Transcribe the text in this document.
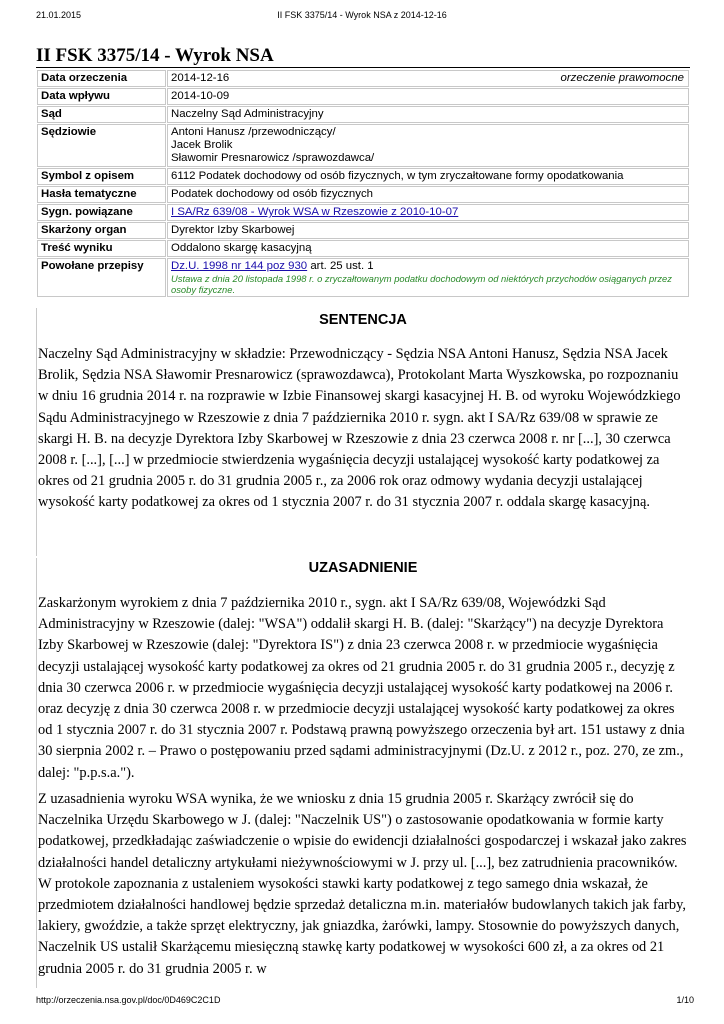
21.01.2015	II FSK 3375/14 - Wyrok NSA z 2014-12-16
II FSK 3375/14 - Wyrok NSA
Data orzeczenia	2014-12-16 orzeczenie prawomocne

Data wpływu	2014-10-09
Sąd	Naczelny Sąd Administracyjny
Sędziowie	Antoni Hanusz /przewodniczący/
Jacek Brolik
Sławomir Presnarowicz /sprawozdawca/

Symbol z opisem	6112 Podatek dochodowy od osób fizycznych, w tym zryczałtowane formy opodatkowania
Hasła tematyczne	Podatek dochodowy od osób fizycznych
Sygn. powiązane	I SA/Rz 639/08 - Wyrok WSA w Rzeszowie z 2010-10-07
Skarżony organ	Dyrektor Izby Skarbowej
Treść wyniku	Oddalono skargę kasacyjną
Powołane przepisy	Dz.U. 1998 nr 144 poz 930 art. 25 ust. 1
Ustawa z dnia 20 listopada 1998 r. o zryczałtowanym podatku dochodowym od niektórych przychodów osiąganych przez osoby fizyczne.
SENTENCJA

Naczelny Sąd Administracyjny w składzie: Przewodniczący - Sędzia NSA Antoni Hanusz, Sędzia NSA Jacek Brolik, Sędzia NSA Sławomir Presnarowicz (sprawozdawca), Protokolant Marta Wyszkowska, po rozpoznaniu w dniu 16 grudnia 2014 r. na rozprawie w Izbie Finansowej skargi kasacyjnej H. B. od wyroku Wojewódzkiego Sądu Administracyjnego w Rzeszowie z dnia 7 października 2010 r. sygn. akt I SA/Rz 639/08 w sprawie ze skargi H. B. na decyzje Dyrektora Izby Skarbowej w Rzeszowie z dnia 23 czerwca 2008 r. nr [...], 30 czerwca 2008 r. [...], [...] w przedmiocie stwierdzenia wygaśnięcia decyzji ustalającej wysokość karty podatkowej za okres od 21 grudnia 2005 r. do 31 grudnia 2005 r., za 2006 rok oraz odmowy wydania decyzji ustalającej wysokość karty podatkowej za okres od 1 stycznia 2007 r. do 31 stycznia 2007 r. oddala skargę kasacyjną.

UZASADNIENIE

Zaskarżonym wyrokiem z dnia 7 października 2010 r., sygn. akt I SA/Rz 639/08, Wojewódzki Sąd Administracyjny w Rzeszowie (dalej: "WSA") oddalił skargi H. B. (dalej: "Skarżący") na decyzje Dyrektora Izby Skarbowej w Rzeszowie (dalej: "Dyrektora IS") z dnia 23 czerwca 2008 r. w przedmiocie wygaśnięcia decyzji ustalającej wysokość karty podatkowej za okres od 21 grudnia 2005 r. do 31 grudnia 2005 r., decyzję z dnia 30 czerwca 2006 r. w przedmiocie wygaśnięcia decyzji ustalającej wysokość karty podatkowej na 2006 r. oraz decyzję z dnia 30 czerwca 2008 r. w przedmiocie decyzji ustalającej wysokość karty podatkowej za okres od 1 stycznia 2007 r. do 31 stycznia 2007 r. Podstawą prawną powyższego orzeczenia był art. 151 ustawy z dnia 30 sierpnia 2002 r. – Prawo o postępowaniu przed sądami administracyjnymi (Dz.U. z 2012 r., poz. 270, ze zm., dalej: "p.p.s.a.").

Z uzasadnienia wyroku WSA wynika, że we wniosku z dnia 15 grudnia 2005 r. Skarżący zwrócił się do Naczelnika Urzędu Skarbowego w J. (dalej: "Naczelnik US") o zastosowanie opodatkowania w formie karty podatkowej, przedkładając zaświadczenie o wpisie do ewidencji działalności gospodarczej i wskazał jako zakres działalności handel detaliczny artykułami nieżywnościowymi w J. przy ul. [...], bez zatrudnienia pracowników. W protokole zapoznania z ustaleniem wysokości stawki karty podatkowej z tego samego dnia wskazał, że przedmiotem działalności handlowej będzie sprzedaż detaliczna m.in. materiałów budowlanych takich jak farby, lakiery, gwoździe, a także sprzęt elektryczny, jak gniazdka, żarówki, lampy. Stosownie do powyższych danych, Naczelnik US ustalił Skarżącemu miesięczną stawkę karty podatkowej w wysokości 600 zł, a za okres od 21 grudnia 2005 r. do 31 grudnia 2005 r. w

http://orzeczenia.nsa.gov.pl/doc/0D469C2C1D	1/10
